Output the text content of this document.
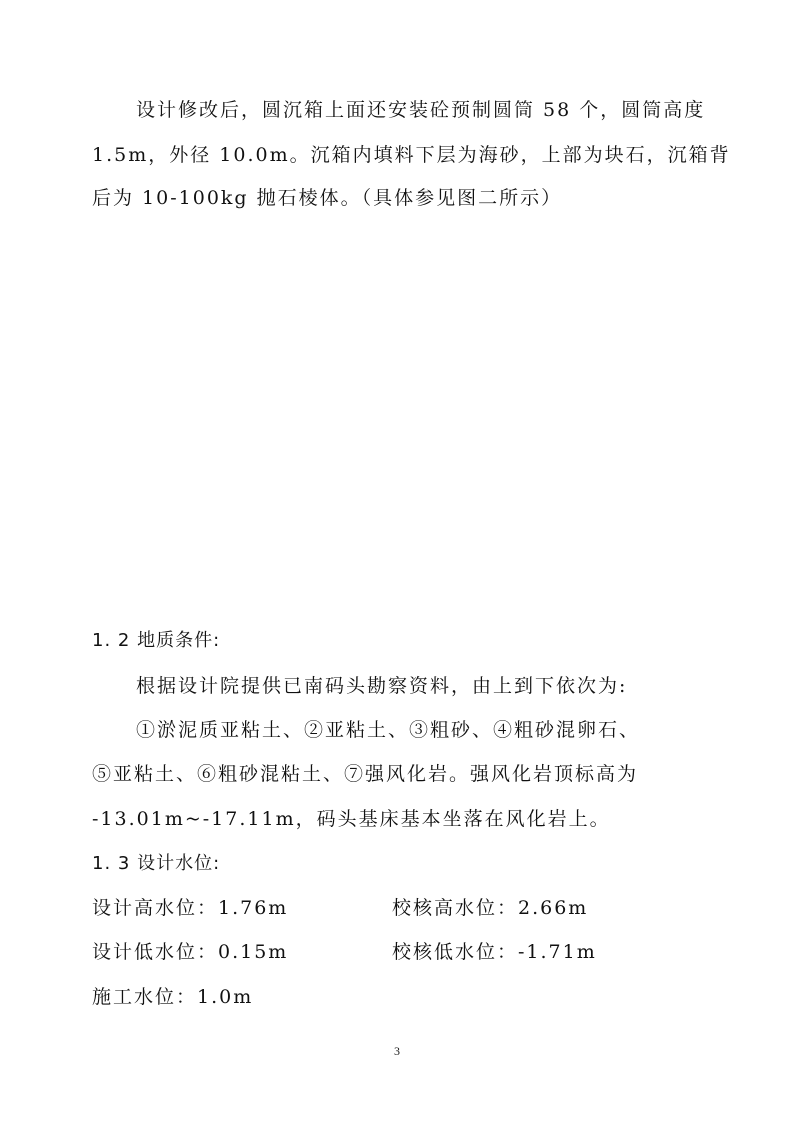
设计修改后，圆沉箱上面还安装砼预制圆筒 58 个，圆筒高度
1.5m，外径 10.0m。沉箱内填料下层为海砂，上部为块石，沉箱背
后为 10-100kg 抛石棱体。（具体参见图二所示）
1. 2 地质条件:
根据设计院提供已南码头勘察资料，由上到下依次为:
①淤泥质亚粘土、②亚粘土、③粗砂、④粗砂混卵石、
⑤亚粘土、⑥粗砂混粘土、⑦强风化岩。强风化岩顶标高为
-13.01m~-17.11m，码头基床基本坐落在风化岩上。
1. 3 设计水位:
设计高水位：1.76m	校核高水位：2.66m
设计低水位：0.15m	校核低水位：-1.71m
施工水位：1.0m
3
